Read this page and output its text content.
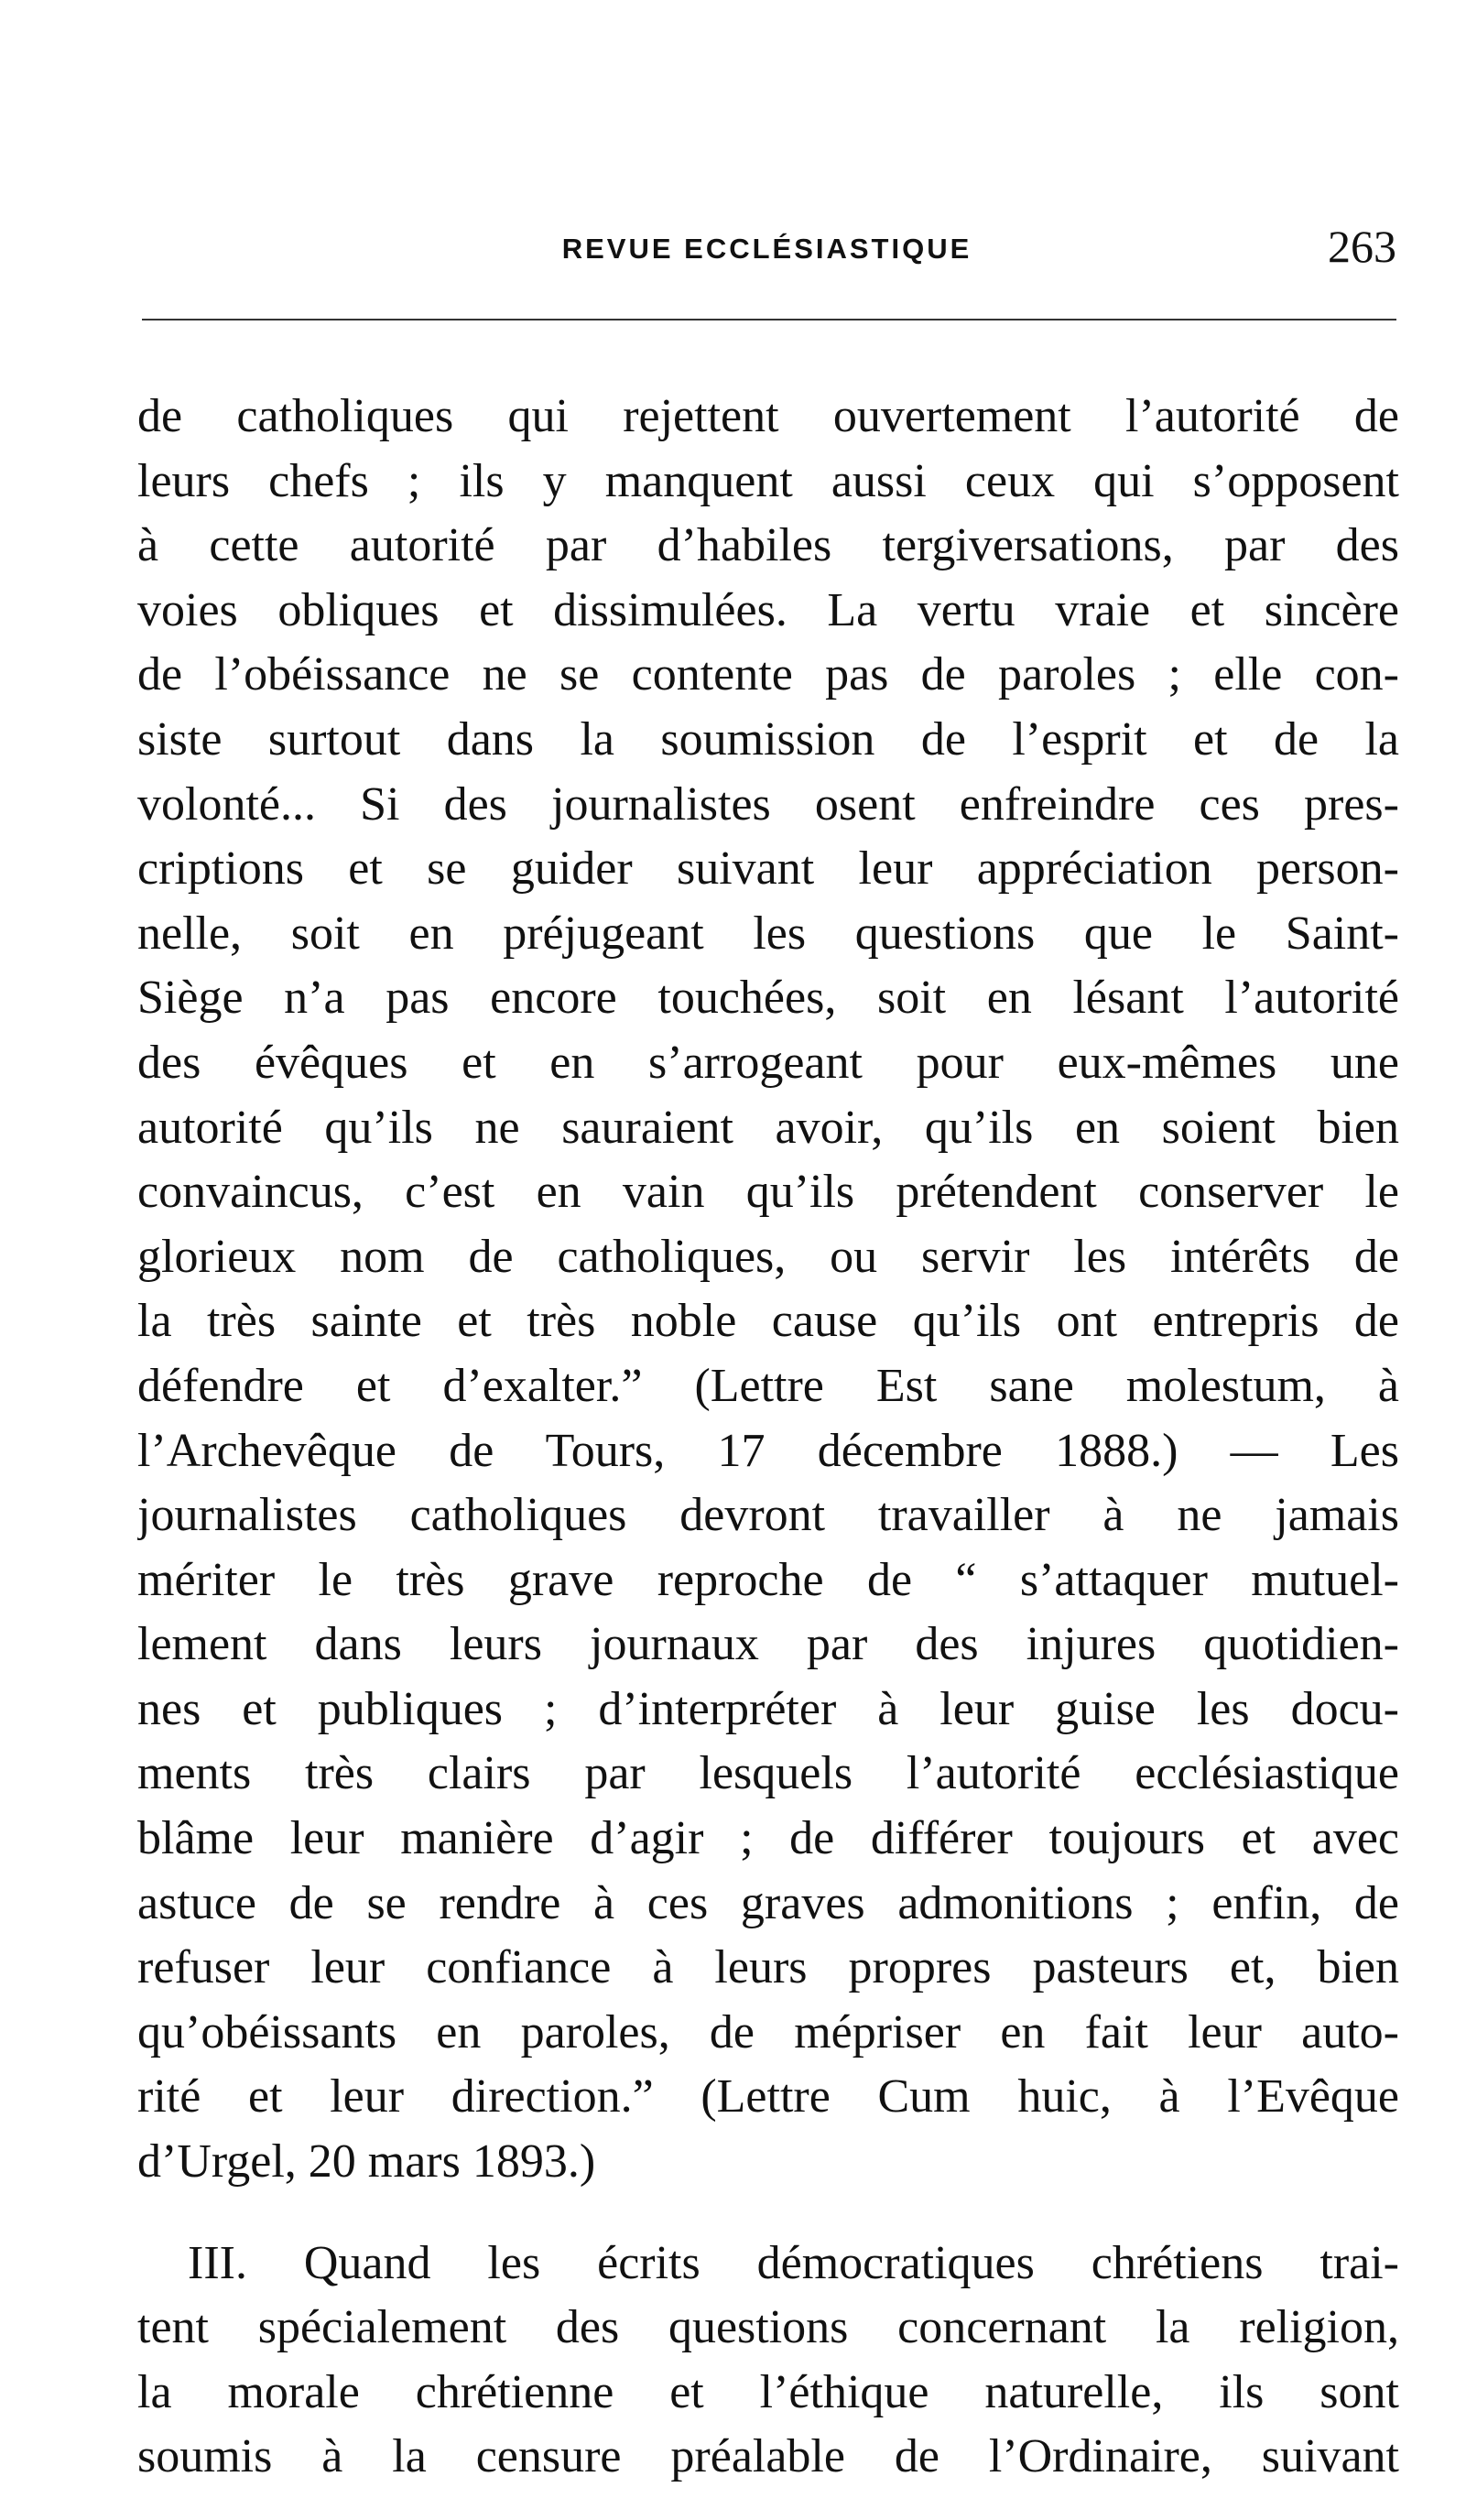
REVUE ECCLÉSIASTIQUE	263
de catholiques qui rejettent ouvertement l’autorité de
leurs chefs ; ils y manquent aussi ceux qui s’opposent
à cette autorité par d’habiles tergiversations, par des
voies obliques et dissimulées. La vertu vraie et sincère
de l’obéissance ne se contente pas de paroles ; elle con-
siste surtout dans la soumission de l’esprit et de la
volonté... Si des journalistes osent enfreindre ces pres-
criptions et se guider suivant leur appréciation person-
nelle, soit en préjugeant les questions que le Saint-
Siège n’a pas encore touchées, soit en lésant l’autorité
des évêques et en s’arrogeant pour eux-mêmes une
autorité qu’ils ne sauraient avoir, qu’ils en soient bien
convaincus, c’est en vain qu’ils prétendent conserver le
glorieux nom de catholiques, ou servir les intérêts de
la très sainte et très noble cause qu’ils ont entrepris de
défendre et d’exalter.” (Lettre Est sane molestum, à
l’Archevêque de Tours, 17 décembre 1888.) — Les
journalistes catholiques devront travailler à ne jamais
mériter le très grave reproche de “ s’attaquer mutuel-
lement dans leurs journaux par des injures quotidien-
nes et publiques ; d’interpréter à leur guise les docu-
ments très clairs par lesquels l’autorité ecclésiastique
blâme leur manière d’agir ; de différer toujours et avec
astuce de se rendre à ces graves admonitions ; enfin, de
refuser leur confiance à leurs propres pasteurs et, bien
qu’obéissants en paroles, de mépriser en fait leur auto-
rité et leur direction.” (Lettre Cum huic, à l’Evêque
d’Urgel, 20 mars 1893.)
III. Quand les écrits démocratiques chrétiens trai-
tent spécialement des questions concernant la religion,
la morale chrétienne et l’éthique naturelle, ils sont
soumis à la censure préalable de l’Ordinaire, suivant
